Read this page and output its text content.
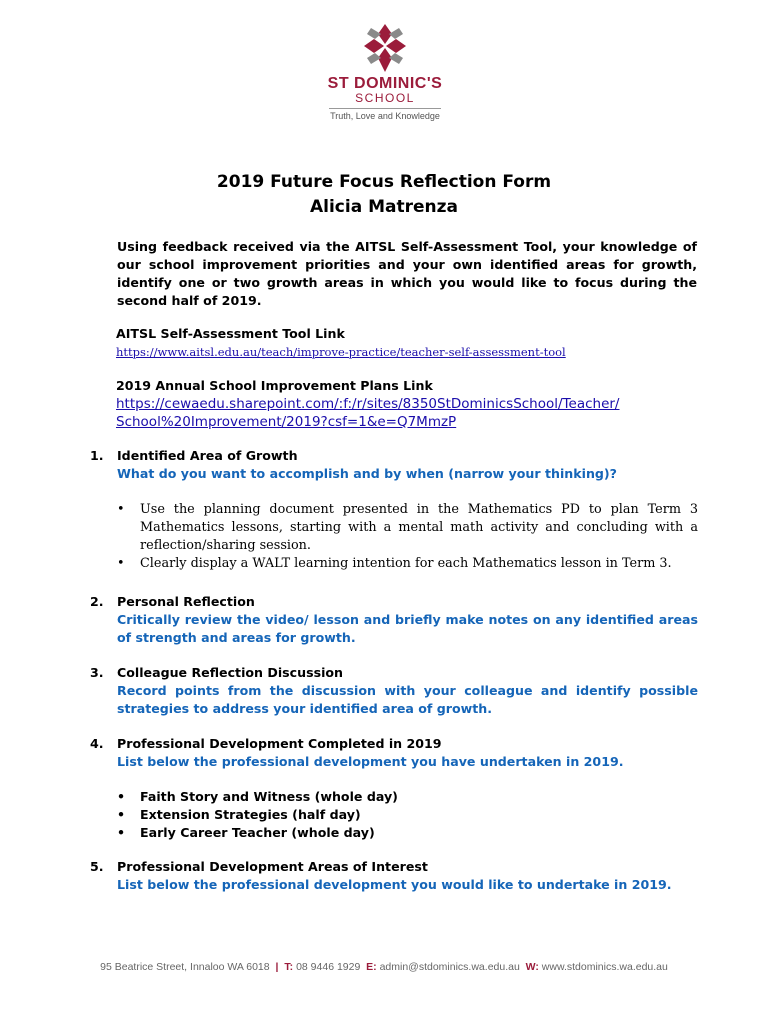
ST DOMINIC'S
SCHOOL
Truth, Love and Knowledge
2019 Future Focus Reflection Form
Alicia Matrenza
Using feedback received via the AITSL Self-Assessment Tool, your knowledge of our school improvement priorities and your own identified areas for growth, identify one or two growth areas in which you would like to focus during the second half of 2019.
AITSL Self-Assessment Tool Link
https://www.aitsl.edu.au/teach/improve-practice/teacher-self-assessment-tool
2019 Annual School Improvement Plans Link
https://cewaedu.sharepoint.com/:f:/r/sites/8350StDominicsSchool/Teacher/
School%20Improvement/2019?csf=1&e=Q7MmzP
1. Identified Area of Growth
What do you want to accomplish and by when (narrow your thinking)?
• Use the planning document presented in the Mathematics PD to plan Term 3 Mathematics lessons, starting with a mental math activity and concluding with a reflection/sharing session.
• Clearly display a WALT learning intention for each Mathematics lesson in Term 3.
2. Personal Reflection
Critically review the video/ lesson and briefly make notes on any identified areas of strength and areas for growth.
3. Colleague Reflection Discussion
Record points from the discussion with your colleague and identify possible strategies to address your identified area of growth.
4. Professional Development Completed in 2019
List below the professional development you have undertaken in 2019.
• Faith Story and Witness (whole day)
• Extension Strategies (half day)
• Early Career Teacher (whole day)
5. Professional Development Areas of Interest
List below the professional development you would like to undertake in 2019.
95 Beatrice Street, Innaloo WA 6018 | T: 08 9446 1929 E: admin@stdominics.wa.edu.au W: www.stdominics.wa.edu.au
